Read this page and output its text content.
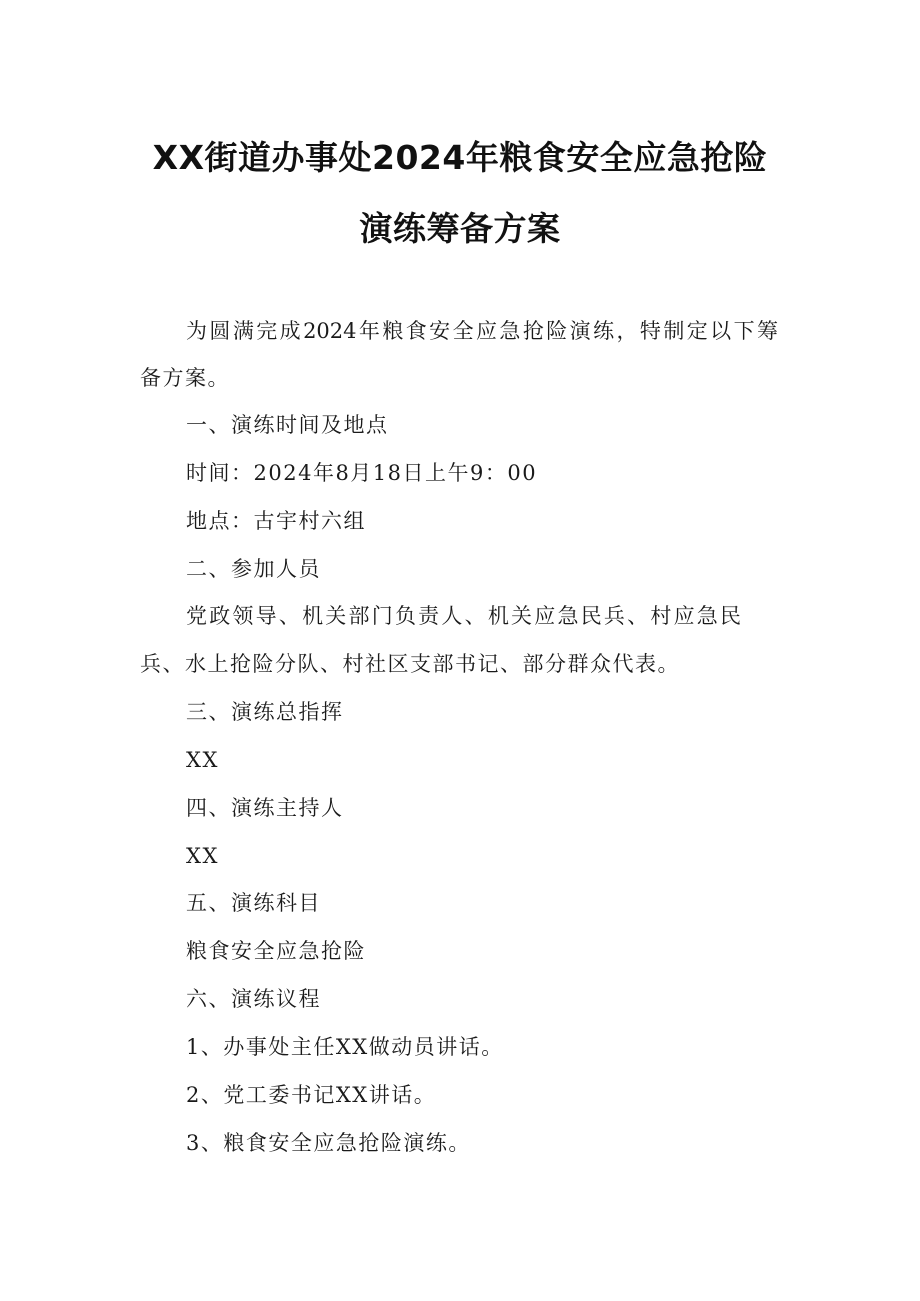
XX街道办事处2024年粮食安全应急抢险
演练筹备方案
为圆满完成2024年粮食安全应急抢险演练，特制定以下筹
备方案。
一、演练时间及地点
时间：2024年8月18日上午9：00
地点：古宇村六组
二、参加人员
党政领导、机关部门负责人、机关应急民兵、村应急民
兵、水上抢险分队、村社区支部书记、部分群众代表。
三、演练总指挥
XX
四、演练主持人
XX
五、演练科目
粮食安全应急抢险
六、演练议程
1、办事处主任XX做动员讲话。
2、党工委书记XX讲话。
3、粮食安全应急抢险演练。
